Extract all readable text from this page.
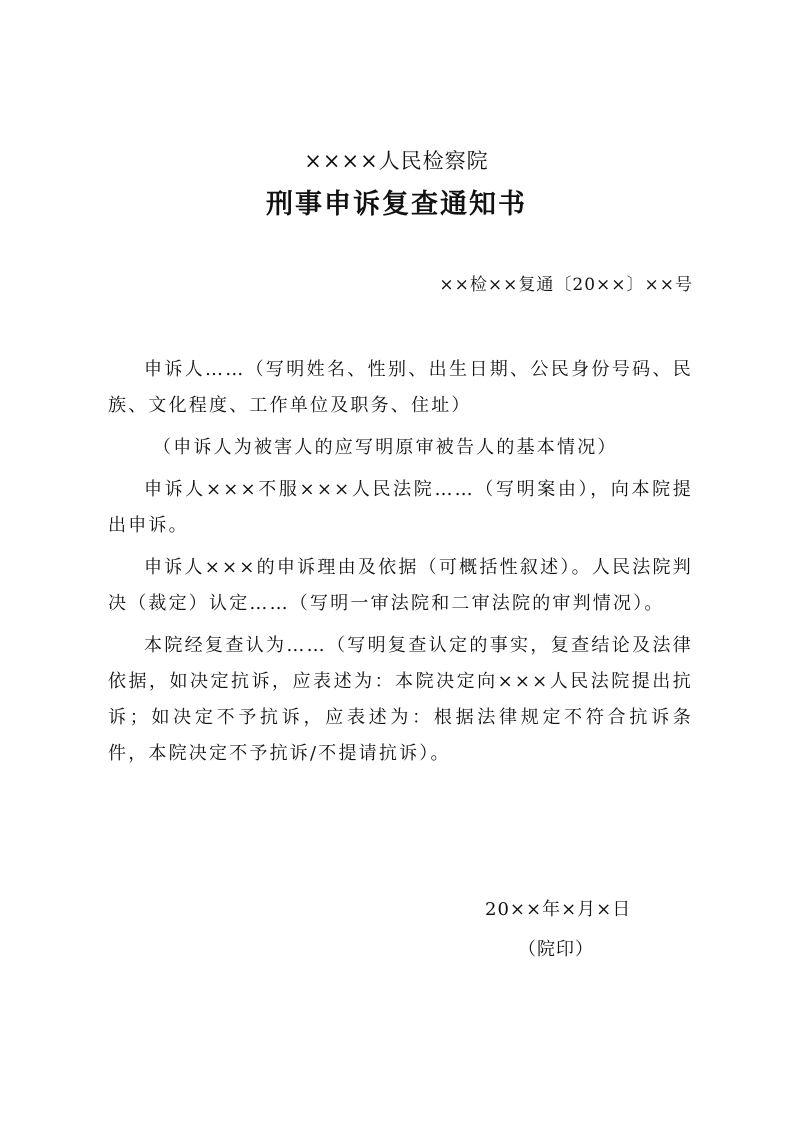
××××人民检察院
刑事申诉复查通知书
××检××复通〔20××〕××号

申诉人……（写明姓名、性别、出生日期、公民身份号码、民族、文化程度、工作单位及职务、住址）

（申诉人为被害人的应写明原审被告人的基本情况）

申诉人×××不服×××人民法院……（写明案由），向本院提出申诉。

申诉人×××的申诉理由及依据（可概括性叙述）。人民法院判决（裁定）认定……（写明一审法院和二审法院的审判情况）。

本院经复查认为……（写明复查认定的事实，复查结论及法律依据，如决定抗诉，应表述为：本院决定向×××人民法院提出抗诉；如决定不予抗诉，应表述为：根据法律规定不符合抗诉条件，本院决定不予抗诉/不提请抗诉）。

20××年×月×日
（院印）
